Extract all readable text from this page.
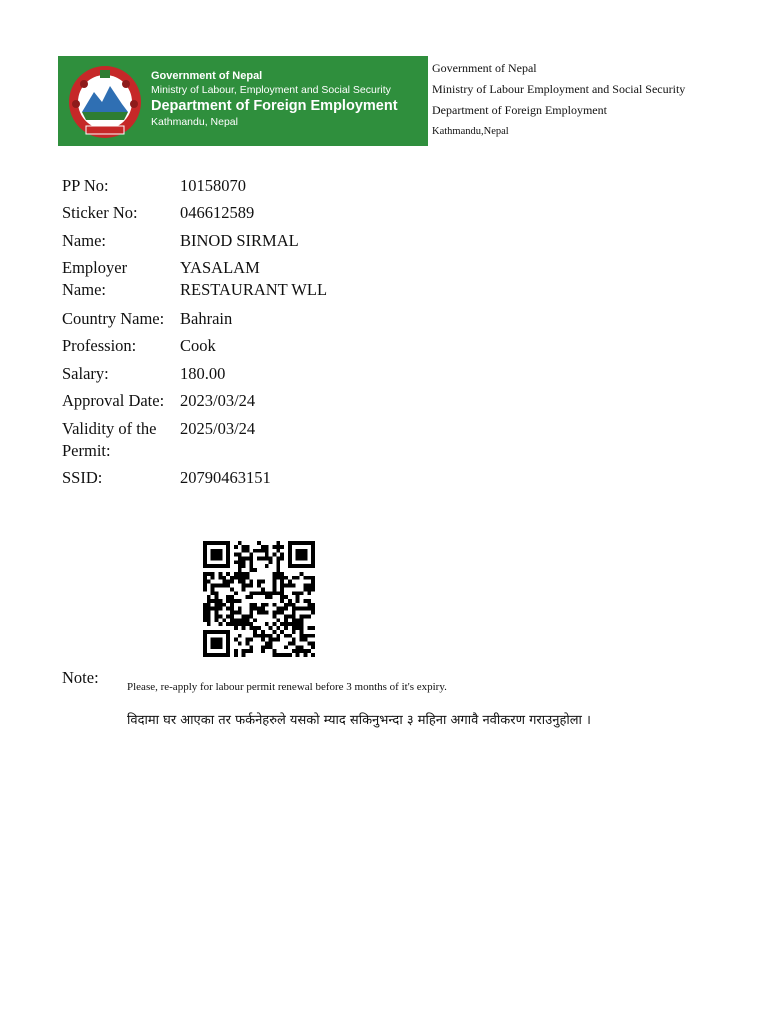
Government of Nepal
Ministry of Labour, Employment and Social Security
Department of Foreign Employment
Kathmandu, Nepal
Government of Nepal
Ministry of Labour Employment and Social Security
Department of Foreign Employment
Kathmandu,Nepal
PP No:	10158070
Sticker No:	046612589
Name:	BINOD SIRMAL
Employer Name:
YASALAM RESTAURANT WLL
Country Name: Bahrain
Profession:	Cook
Salary:	180.00
Approval Date: 2023/03/24
Validity of the Permit:
2025/03/24
SSID:	20790463151
Note:	Please, re-apply for labour permit renewal before 3 months of it's expiry.
विदामा घर आएका तर फर्कनेहरुले यसको म्याद सकिनुभन्दा ३ महिना अगावै नवीकरण गराउनुहोला ।
